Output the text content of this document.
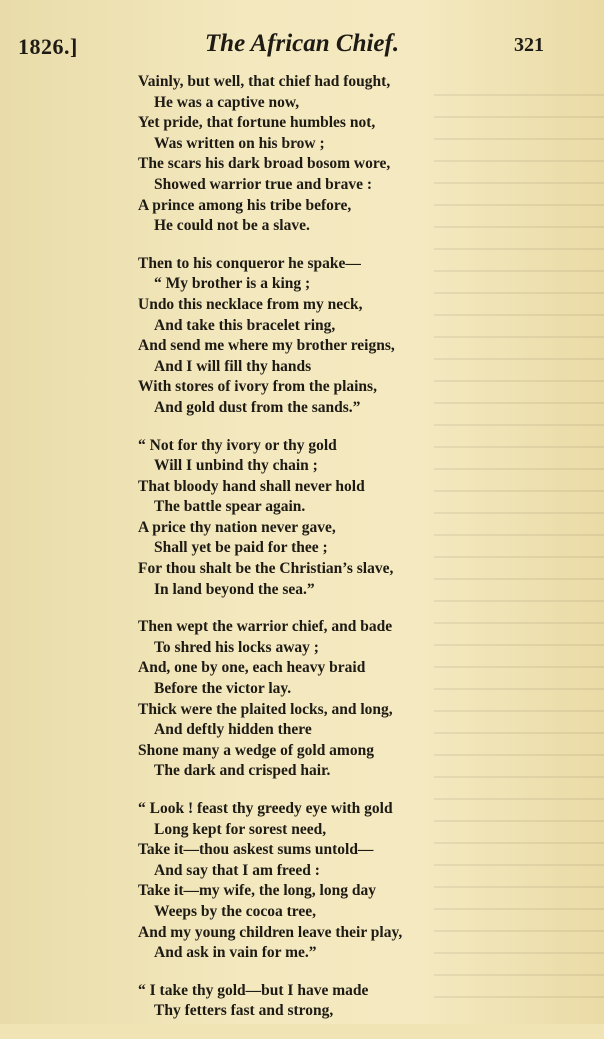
1826.]	The African Chief.	321
Vainly, but well, that chief had fought,
He was a captive now,
Yet pride, that fortune humbles not,
Was written on his brow ;
The scars his dark broad bosom wore,
Showed warrior true and brave :
A prince among his tribe before,
He could not be a slave.
Then to his conqueror he spake—
“ My brother is a king ;
Undo this necklace from my neck,
And take this bracelet ring,
And send me where my brother reigns,
And I will fill thy hands
With stores of ivory from the plains,
And gold dust from the sands.”
“ Not for thy ivory or thy gold
Will I unbind thy chain ;
That bloody hand shall never hold
The battle spear again.
A price thy nation never gave,
Shall yet be paid for thee ;
For thou shalt be the Christian’s slave,
In land beyond the sea.”
Then wept the warrior chief, and bade
To shred his locks away ;
And, one by one, each heavy braid
Before the victor lay.
Thick were the plaited locks, and long,
And deftly hidden there
Shone many a wedge of gold among
The dark and crisped hair.
“ Look ! feast thy greedy eye with gold
Long kept for sorest need,
Take it—thou askest sums untold—
And say that I am freed :
Take it—my wife, the long, long day
Weeps by the cocoa tree,
And my young children leave their play,
And ask in vain for me.”
“ I take thy gold—but I have made
Thy fetters fast and strong,
